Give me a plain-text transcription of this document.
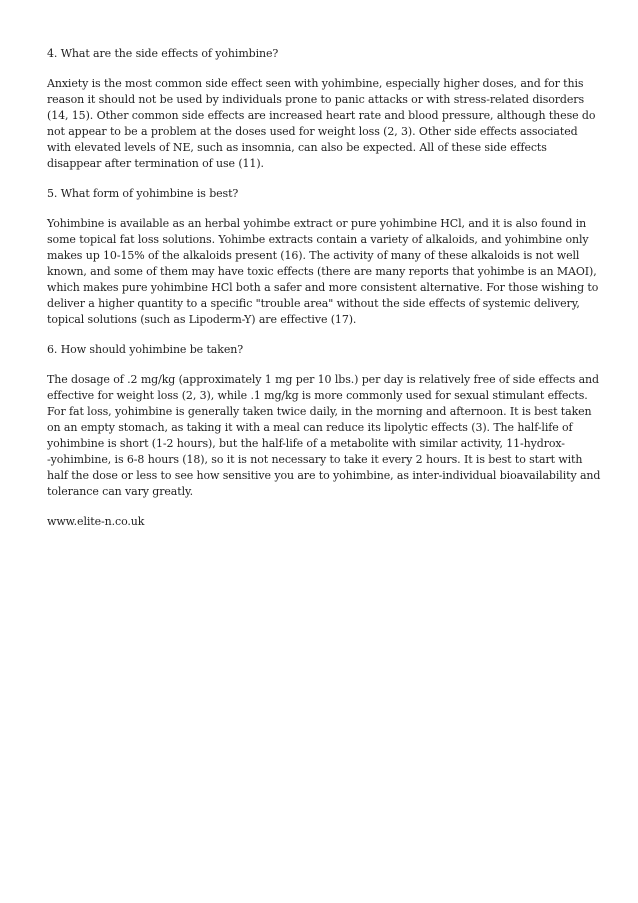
4. What are the side effects of yohimbine?
Anxiety is the most common side effect seen with yohimbine, especially higher doses, and for this
reason it should not be used by individuals prone to panic attacks or with stress-related disorders
(14, 15). Other common side effects are increased heart rate and blood pressure, although these do
not appear to be a problem at the doses used for weight loss (2, 3). Other side effects associated
with elevated levels of NE, such as insomnia, can also be expected. All of these side effects
disappear after termination of use (11).
5. What form of yohimbine is best?
Yohimbine is available as an herbal yohimbe extract or pure yohimbine HCl, and it is also found in
some topical fat loss solutions. Yohimbe extracts contain a variety of alkaloids, and yohimbine only
makes up 10-15% of the alkaloids present (16). The activity of many of these alkaloids is not well
known, and some of them may have toxic effects (there are many reports that yohimbe is an MAOI),
which makes pure yohimbine HCl both a safer and more consistent alternative. For those wishing to
deliver a higher quantity to a specific "trouble area" without the side effects of systemic delivery,
topical solutions (such as Lipoderm-Y) are effective (17).
6. How should yohimbine be taken?
The dosage of .2 mg/kg (approximately 1 mg per 10 lbs.) per day is relatively free of side effects and
effective for weight loss (2, 3), while .1 mg/kg is more commonly used for sexual stimulant effects.
For fat loss, yohimbine is generally taken twice daily, in the morning and afternoon. It is best taken
on an empty stomach, as taking it with a meal can reduce its lipolytic effects (3). The half-life of
yohimbine is short (1-2 hours), but the half-life of a metabolite with similar activity, 11-hydrox-
-yohimbine, is 6-8 hours (18), so it is not necessary to take it every 2 hours. It is best to start with
half the dose or less to see how sensitive you are to yohimbine, as inter-individual bioavailability and
tolerance can vary greatly.
www.elite-n.co.uk
